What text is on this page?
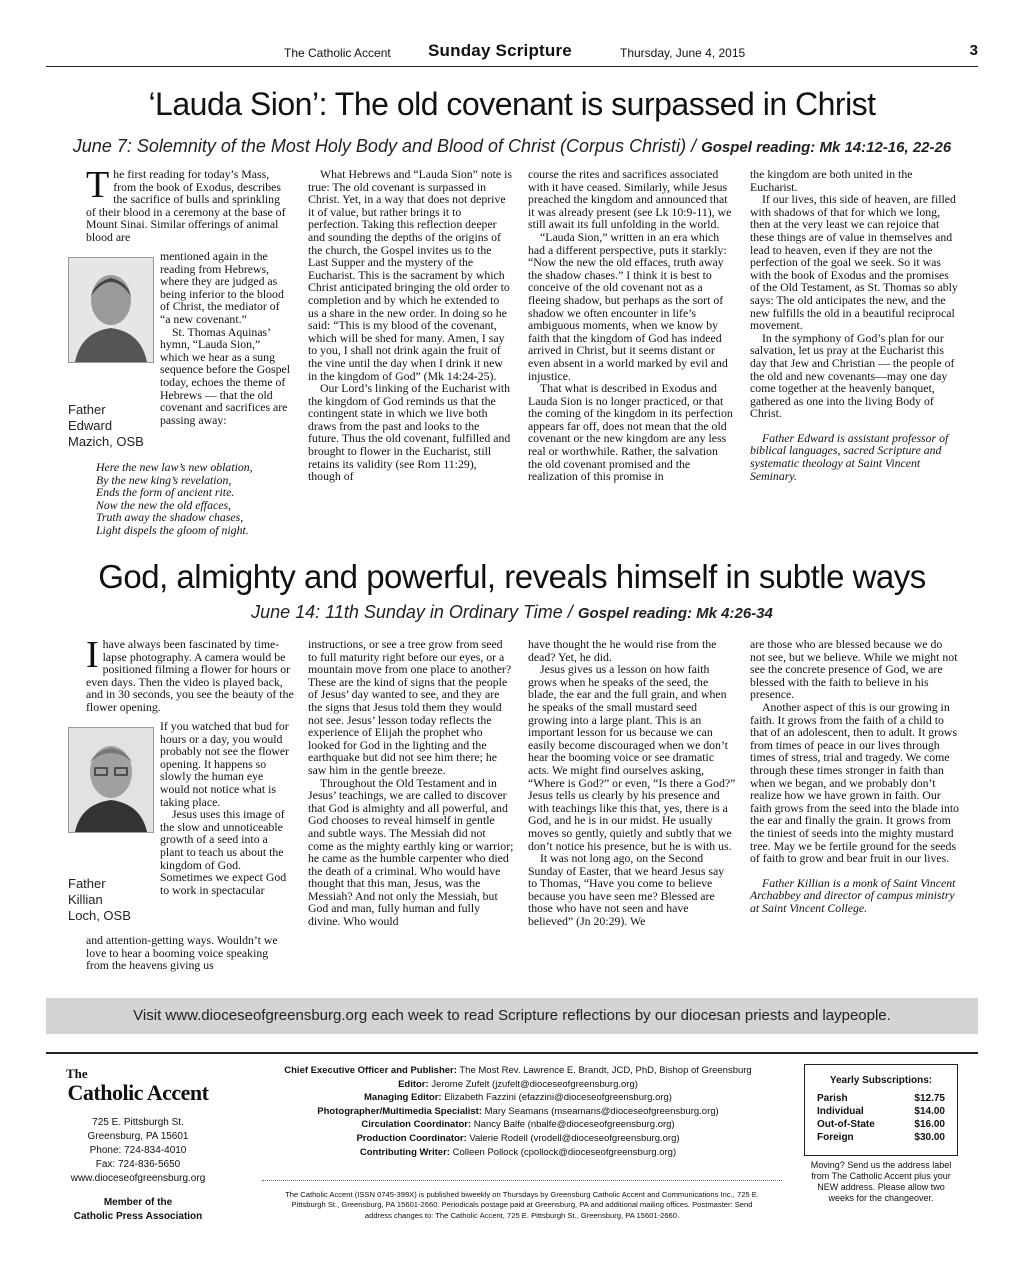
The Catholic Accent Sunday Scripture	Thursday, June 4, 2015	3
‘Lauda Sion’: The old covenant is surpassed in Christ
June 7: Solemnity of the Most Holy Body and Blood of Christ (Corpus Christi) / Gospel reading: Mk 14:12-16, 22-26

The first reading for today’s Mass, from the book of Exodus, describes the sacrifice of bulls and sprinkling of their blood in a ceremony at the base of Mount Sinai. Similar offerings of animal blood are

Father
Edward
Mazich, OSB

mentioned again in the reading from Hebrews, where they are judged as being inferior to the blood of Christ, the mediator of “a new covenant.”

St. Thomas Aquinas’ hymn, “Lauda Sion,” which we hear as a sung sequence before the Gospel today, echoes the theme of Hebrews — that the old covenant and sacrifices are passing away:

Here the new law’s new oblation,
By the new king’s revelation,
Ends the form of ancient rite.
Now the new the old effaces,
Truth away the shadow chases,
Light dispels the gloom of night.

What Hebrews and “Lauda Sion” note is true: The old covenant is surpassed in Christ. Yet, in a way that does not deprive it of value, but rather brings it to perfection. Taking this reflection deeper and sounding the depths of the origins of the church, the Gospel invites us to the Last Supper and the mystery of the Eucharist. This is the sacrament by which Christ anticipated bringing the old order to completion and by which he extended to us a share in the new order. In doing so he said: “This is my blood of the covenant, which will be shed for many. Amen, I say to you, I shall not drink again the fruit of the vine until the day when I drink it new in the kingdom of God” (Mk 14:24-25).

Our Lord’s linking of the Eucharist with the kingdom of God reminds us that the contingent state in which we live both draws from the past and looks to the future. Thus the old covenant, fulfilled and brought to flower in the Eucharist, still retains its validity (see Rom 11:29), though of

course the rites and sacrifices associated with it have ceased. Similarly, while Jesus preached the kingdom and announced that it was already present (see Lk 10:9-11), we still await its full unfolding in the world.

“Lauda Sion,” written in an era which had a different perspective, puts it starkly: “Now the new the old effaces, truth away the shadow chases.” I think it is best to conceive of the old covenant not as a fleeing shadow, but perhaps as the sort of shadow we often encounter in life’s ambiguous moments, when we know by faith that the kingdom of God has indeed arrived in Christ, but it seems distant or even absent in a world marked by evil and injustice.

That what is described in Exodus and Lauda Sion is no longer practiced, or that the coming of the kingdom in its perfection appears far off, does not mean that the old covenant or the new kingdom are any less real or worthwhile. Rather, the salvation the old covenant promised and the realization of this promise in

the kingdom are both united in the Eucharist.

If our lives, this side of heaven, are filled with shadows of that for which we long, then at the very least we can rejoice that these things are of value in themselves and lead to heaven, even if they are not the perfection of the goal we seek. So it was with the book of Exodus and the promises of the Old Testament, as St. Thomas so ably says: The old anticipates the new, and the new fulfills the old in a beautiful reciprocal movement.

In the symphony of God’s plan for our salvation, let us pray at the Eucharist this day that Jew and Christian — the people of the old and new covenants—may one day come together at the heavenly banquet, gathered as one into the living Body of Christ.

Father Edward is assistant professor of biblical languages, sacred Scripture and systematic theology at Saint Vincent Seminary.

God, almighty and powerful, reveals himself in subtle ways
June 14: 11th Sunday in Ordinary Time / Gospel reading: Mk 4:26-34

Ihave always been fascinated by time-lapse photography. A camera would be positioned filming a flower for hours or even days. Then the video is played back, and in 30 seconds, you see the beauty of the flower opening.

Father
Killian
Loch, OSB

If you watched that bud for hours or a day, you would probably not see the flower opening. It happens so slowly the human eye would not notice what is taking place.

Jesus uses this image of the slow and unnoticeable growth of a seed into a plant to teach us about the kingdom of God. Sometimes we expect God to work in spectacular

and attention-getting ways. Wouldn’t we love to hear a booming voice speaking from the heavens giving us

instructions, or see a tree grow from seed to full maturity right before our eyes, or a mountain move from one place to another? These are the kind of signs that the people of Jesus’ day wanted to see, and they are the signs that Jesus told them they would not see. Jesus’ lesson today reflects the experience of Elijah the prophet who looked for God in the lighting and the earthquake but did not see him there; he saw him in the gentle breeze.

Throughout the Old Testament and in Jesus’ teachings, we are called to discover that God is almighty and all powerful, and God chooses to reveal himself in gentle and subtle ways. The Messiah did not come as the mighty earthly king or warrior; he came as the humble carpenter who died the death of a criminal. Who would have thought that this man, Jesus, was the Messiah? And not only the Messiah, but God and man, fully human and fully divine. Who would

have thought the he would rise from the dead? Yet, he did.

Jesus gives us a lesson on how faith grows when he speaks of the seed, the blade, the ear and the full grain, and when he speaks of the small mustard seed growing into a large plant. This is an important lesson for us because we can easily become discouraged when we don’t hear the booming voice or see dramatic acts. We might find ourselves asking, “Where is God?” or even, “Is there a God?” Jesus tells us clearly by his presence and with teachings like this that, yes, there is a God, and he is in our midst. He usually moves so gently, quietly and subtly that we don’t notice his presence, but he is with us.

It was not long ago, on the Second Sunday of Easter, that we heard Jesus say to Thomas, “Have you come to believe because you have seen me? Blessed are those who have not seen and have believed” (Jn 20:29). We

are those who are blessed because we do not see, but we believe. While we might not see the concrete presence of God, we are blessed with the faith to believe in his presence.

Another aspect of this is our growing in faith. It grows from the faith of a child to that of an adolescent, then to adult. It grows from times of peace in our lives through times of stress, trial and tragedy. We come through these times stronger in faith than when we began, and we probably don’t realize how we have grown in faith. Our faith grows from the seed into the blade into the ear and finally the grain. It grows from the tiniest of seeds into the mighty mustard tree. May we be fertile ground for the seeds of faith to grow and bear fruit in our lives.

Father Killian is a monk of Saint Vincent Archabbey and director of campus ministry at Saint Vincent College.

Visit www.dioceseofgreensburg.org each week to read Scripture reflections by our diocesan priests and laypeople.
The
Catholic Accent
725 E. Pittsburgh St.
Greensburg, PA 15601
Phone: 724-834-4010
Fax: 724-836-5650
www.dioceseofgreensburg.org
Member of the
Catholic Press Association
Chief Executive Officer and Publisher: The Most Rev. Lawrence E. Brandt, JCD, PhD, Bishop of Greensburg
Editor: Jerome Zufelt (jzufelt@dioceseofgreensburg.org)
Managing Editor: Elizabeth Fazzini (efazzini@dioceseofgreensburg.org)
Photographer/Multimedia Specialist: Mary Seamans (mseamans@dioceseofgreensburg.org)
Circulation Coordinator: Nancy Balfe (nbalfe@dioceseofgreensburg.org)
Production Coordinator: Valerie Rodell (vrodell@dioceseofgreensburg.org)
Contributing Writer: Colleen Pollock (cpollock@dioceseofgreensburg.org)
The Catholic Accent (ISSN 0745-399X) is published biweekly on Thursdays by Greensburg Catholic Accent and Communications Inc., 725 E. Pittsburgh St., Greensburg, PA 15601-2660. Periodicals postage paid at Greensburg, PA and additional mailing offices. Postmaster: Send address changes to: The Catholic Accent, 725 E. Pittsburgh St., Greensburg, PA 15601-2660.
Yearly Subscriptions:
Parish	$12.75
Individual	$14.00
Out-of-State	$16.00
Foreign	$30.00
Moving? Send us the address label from The Catholic Accent plus your NEW address. Please allow two weeks for the changeover.
